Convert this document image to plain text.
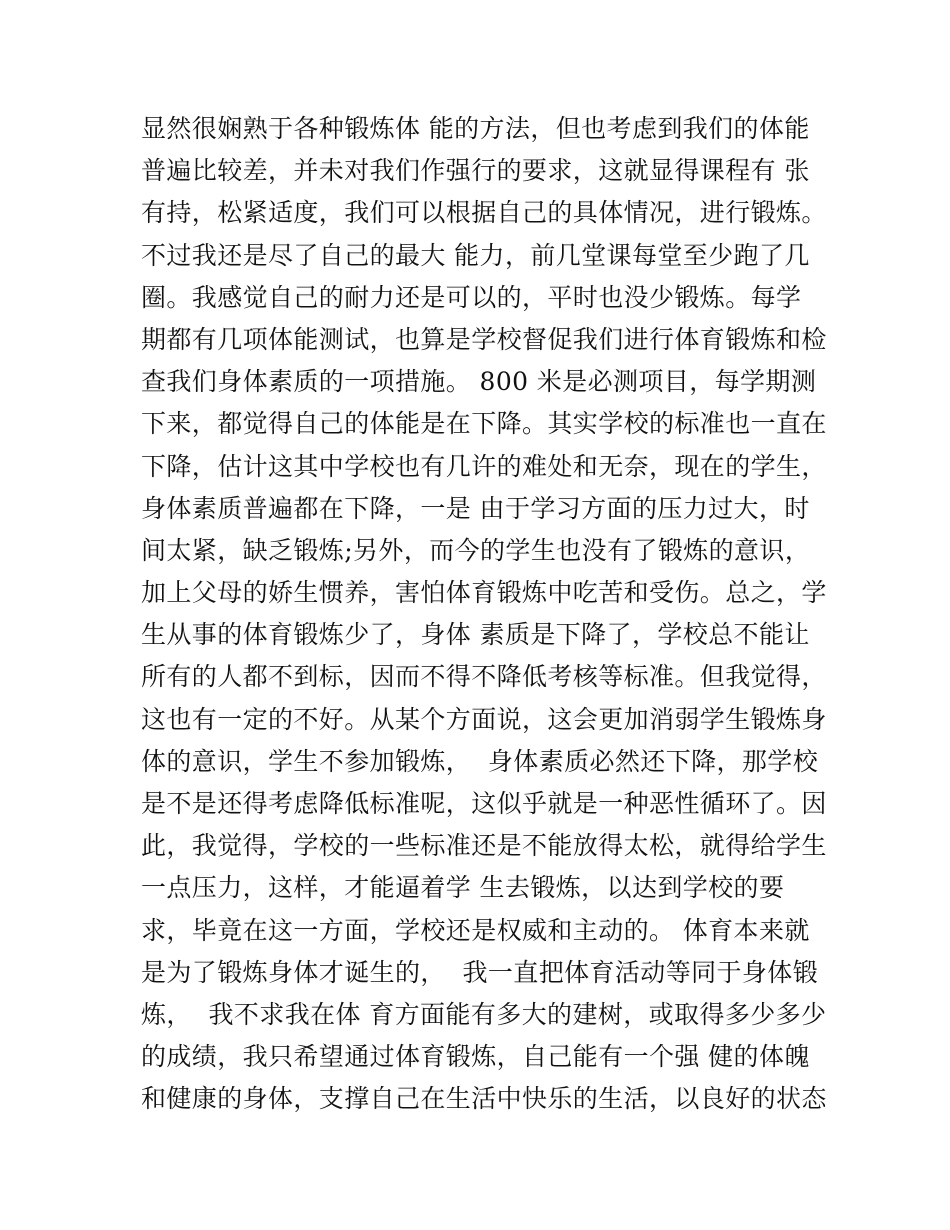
显然很娴熟于各种锻炼体 能的方法，但也考虑到我们的体能
普遍比较差，并未对我们作强行的要求，这就显得课程有 张
有持，松紧适度，我们可以根据自己的具体情况，进行锻炼。
不过我还是尽了自己的最大 能力，前几堂课每堂至少跑了几
圈。我感觉自己的耐力还是可以的，平时也没少锻炼。每学
期都有几项体能测试，也算是学校督促我们进行体育锻炼和检
查我们身体素质的一项措施。 800 米是必测项目，每学期测
下来，都觉得自己的体能是在下降。其实学校的标准也一直在
下降，估计这其中学校也有几许的难处和无奈，现在的学生，
身体素质普遍都在下降，一是 由于学习方面的压力过大，时
间太紧，缺乏锻炼;另外，而今的学生也没有了锻炼的意识，
加上父母的娇生惯养，害怕体育锻炼中吃苦和受伤。总之，学
生从事的体育锻炼少了，身体 素质是下降了，学校总不能让
所有的人都不到标，因而不得不降低考核等标准。但我觉得，
这也有一定的不好。从某个方面说，这会更加消弱学生锻炼身
体的意识，学生不参加锻炼，  身体素质必然还下降，那学校
是不是还得考虑降低标准呢，这似乎就是一种恶性循环了。因
此，我觉得，学校的一些标准还是不能放得太松，就得给学生
一点压力，这样，才能逼着学 生去锻炼，以达到学校的要
求，毕竟在这一方面，学校还是权威和主动的。 体育本来就
是为了锻炼身体才诞生的，  我一直把体育活动等同于身体锻
炼，  我不求我在体 育方面能有多大的建树，或取得多少多少
的成绩，我只希望通过体育锻炼，自己能有一个强 健的体魄
和健康的身体，支撑自己在生活中快乐的生活，以良好的状态
